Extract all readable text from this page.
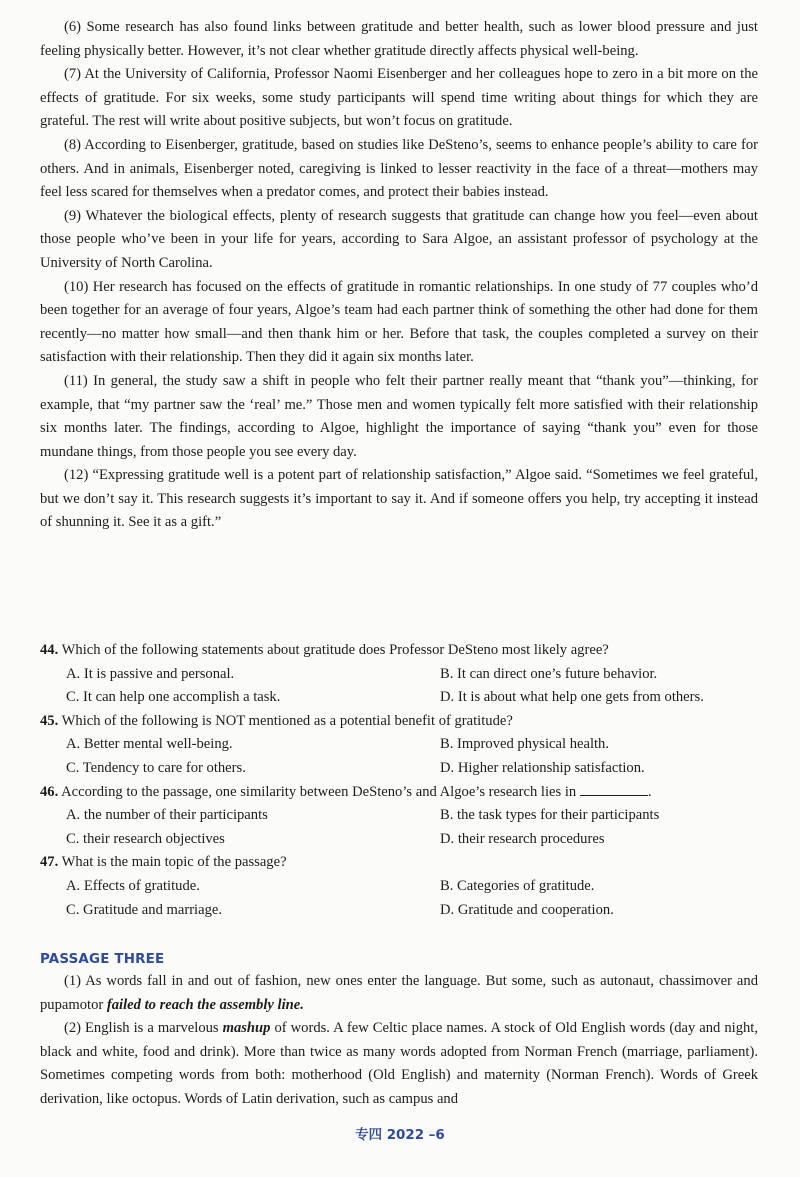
(6) Some research has also found links between gratitude and better health, such as lower blood pressure and just feeling physically better. However, it’s not clear whether gratitude directly affects physical well-being.

(7) At the University of California, Professor Naomi Eisenberger and her colleagues hope to zero in a bit more on the effects of gratitude. For six weeks, some study participants will spend time writing about things for which they are grateful. The rest will write about positive subjects, but won’t focus on gratitude.

(8) According to Eisenberger, gratitude, based on studies like DeSteno’s, seems to enhance people’s ability to care for others. And in animals, Eisenberger noted, caregiving is linked to lesser reactivity in the face of a threat—mothers may feel less scared for themselves when a predator comes, and protect their babies instead.

(9) Whatever the biological effects, plenty of research suggests that gratitude can change how you feel—even about those people who’ve been in your life for years, according to Sara Algoe, an assistant professor of psychology at the University of North Carolina.

(10) Her research has focused on the effects of gratitude in romantic relationships. In one study of 77 couples who’d been together for an average of four years, Algoe’s team had each partner think of something the other had done for them recently—no matter how small—and then thank him or her. Before that task, the couples completed a survey on their satisfaction with their relationship. Then they did it again six months later.

(11) In general, the study saw a shift in people who felt their partner really meant that “thank you”—thinking, for example, that “my partner saw the ‘real’ me.” Those men and women typically felt more satisfied with their relationship six months later. The findings, according to Algoe, highlight the importance of saying “thank you” even for those mundane things, from those people you see every day.

(12) “Expressing gratitude well is a potent part of relationship satisfaction,” Algoe said. “Sometimes we feel grateful, but we don’t say it. This research suggests it’s important to say it. And if someone offers you help, try accepting it instead of shunning it. See it as a gift.”

44. Which of the following statements about gratitude does Professor DeSteno most likely agree?

A. It is passive and personal.	B. It can direct one’s future behavior.
C. It can help one accomplish a task.	D. It is about what help one gets from others.

45. Which of the following is NOT mentioned as a potential benefit of gratitude?

A. Better mental well-being.	B. Improved physical health.
C. Tendency to care for others.	D. Higher relationship satisfaction.

46. According to the passage, one similarity between DeSteno’s and Algoe’s research lies in	.

A. the number of their participants	B. the task types for their participants
C. their research objectives	D. their research procedures

47. What is the main topic of the passage?

A. Effects of gratitude.	B. Categories of gratitude.
C. Gratitude and marriage.	D. Gratitude and cooperation.
PASSAGE THREE

(1) As words fall in and out of fashion, new ones enter the language. But some, such as autonaut, chassimover and pupamotor failed to reach the assembly line.

(2) English is a marvelous mashup of words. A few Celtic place names. A stock of Old English words (day and night, black and white, food and drink). More than twice as many words adopted from Norman French (marriage, parliament). Sometimes competing words from both: motherhood (Old English) and maternity (Norman French). Words of Greek derivation, like octopus. Words of Latin derivation, such as campus and

专四 2022 –6
